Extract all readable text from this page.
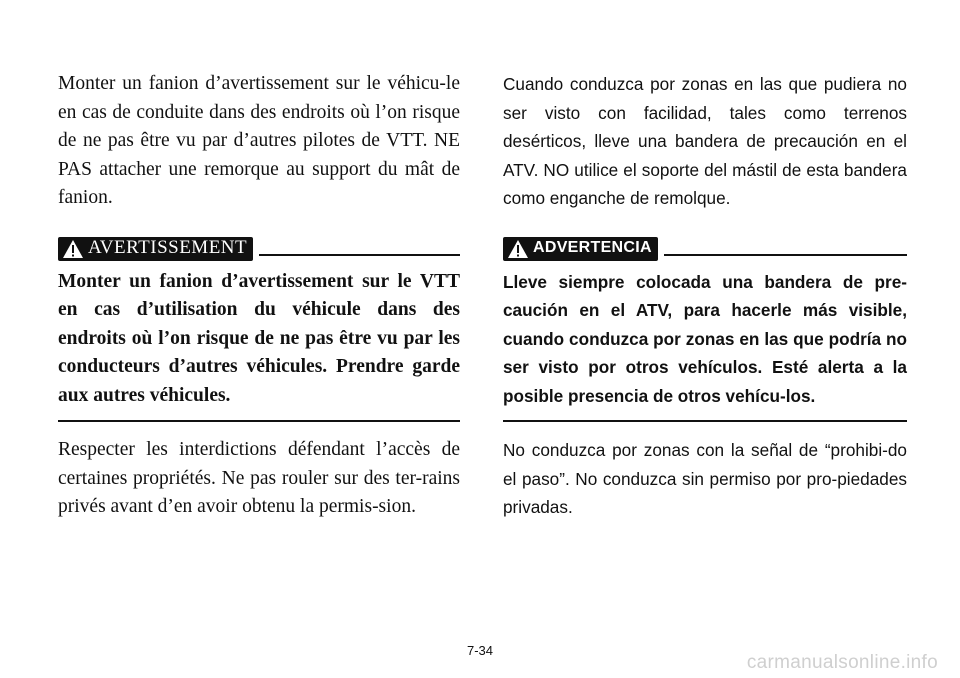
Monter un fanion d’avertissement sur le véhicu-le en cas de conduite dans des endroits où l’on risque de ne pas être vu par d’autres pilotes de VTT. NE PAS attacher une remorque au support du mât de fanion.

AVERTISSEMENT

Monter un fanion d’avertissement sur le VTT en cas d’utilisation du véhicule dans des endroits où l’on risque de ne pas être vu par les conducteurs d’autres véhicules. Prendre garde aux autres véhicules.

Respecter les interdictions défendant l’accès de certaines propriétés. Ne pas rouler sur des ter-rains privés avant d’en avoir obtenu la permis-sion.

Cuando conduzca por zonas en las que pudiera no ser visto con facilidad, tales como terrenos desérticos, lleve una bandera de precaución en el ATV. NO utilice el soporte del mástil de esta bandera como enganche de remolque.

ADVERTENCIA

Lleve siempre colocada una bandera de pre-caución en el ATV, para hacerle más visible, cuando conduzca por zonas en las que podría no ser visto por otros vehículos. Esté alerta a la posible presencia de otros vehícu-los.

No conduzca por zonas con la señal de “prohibi-do el paso”. No conduzca sin permiso por pro-piedades privadas.

7-34
carmanualsonline.info
